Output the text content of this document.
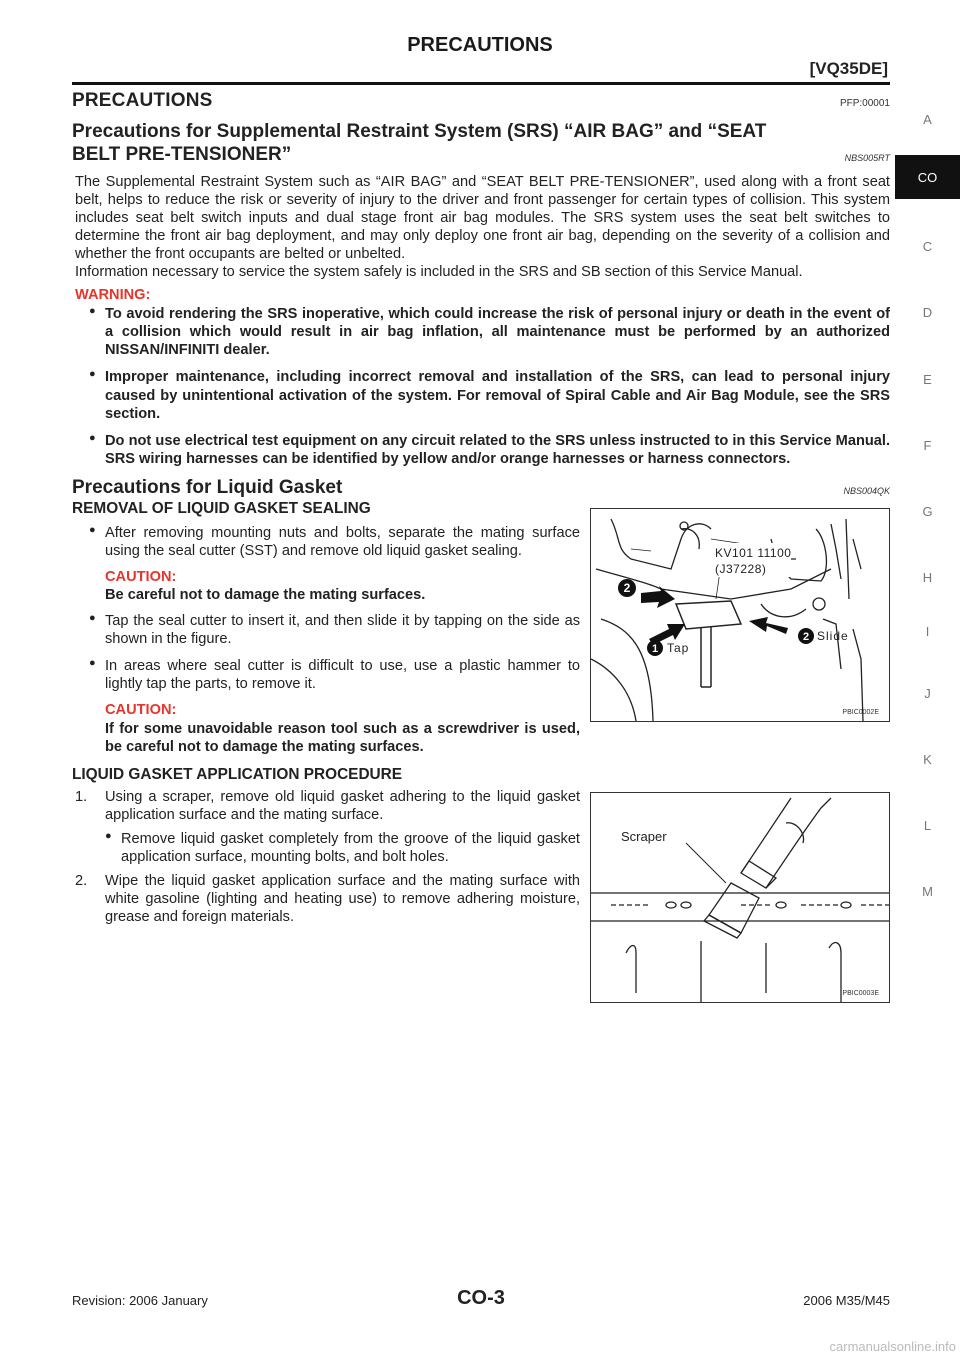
PRECAUTIONS
[VQ35DE]
A
CO
C
D
E
F
G
H
I
J
K
L
M
PRECAUTIONS	PFP:00001
Precautions for Supplemental Restraint System (SRS) “AIR BAG” and “SEAT
BELT PRE-TENSIONER”	NBS005RT

The Supplemental Restraint System such as “AIR BAG” and “SEAT BELT PRE-TENSIONER”, used along with a front seat belt, helps to reduce the risk or severity of injury to the driver and front passenger for certain types of collision. This system includes seat belt switch inputs and dual stage front air bag modules. The SRS system uses the seat belt switches to determine the front air bag deployment, and may only deploy one front air bag, depending on the severity of a collision and whether the front occupants are belted or unbelted.

Information necessary to service the system safely is included in the SRS and SB section of this Service Manual.

WARNING:
● To avoid rendering the SRS inoperative, which could increase the risk of personal injury or death in the event of a collision which would result in air bag inflation, all maintenance must be performed by an authorized NISSAN/INFINITI dealer.
● Improper maintenance, including incorrect removal and installation of the SRS, can lead to personal injury caused by unintentional activation of the system. For removal of Spiral Cable and Air Bag Module, see the SRS section.
● Do not use electrical test equipment on any circuit related to the SRS unless instructed to in this Service Manual. SRS wiring harnesses can be identified by yellow and/or orange harnesses or harness connectors.
Precautions for Liquid Gasket	NBS004QK
REMOVAL OF LIQUID GASKET SEALING
● After removing mounting nuts and bolts, separate the mating surface using the seal cutter (SST) and remove old liquid gasket sealing.
CAUTION:
Be careful not to damage the mating surfaces.
● Tap the seal cutter to insert it, and then slide it by tapping on the side as shown in the figure.
● In areas where seal cutter is difficult to use, use a plastic hammer to lightly tap the parts, to remove it.
CAUTION:
If for some unavoidable reason tool such as a screwdriver is used, be careful not to damage the mating surfaces.
2
1
2
Tap
Slide
KV101 11100
(J37228)
PBIC0002E
LIQUID GASKET APPLICATION PROCEDURE
1. Using a scraper, remove old liquid gasket adhering to the liquid gasket application surface and the mating surface.
● Remove liquid gasket completely from the groove of the liquid gasket application surface, mounting bolts, and bolt holes.
2. Wipe the liquid gasket application surface and the mating surface with white gasoline (lighting and heating use) to remove adhering moisture, grease and foreign materials.
Scraper
PBIC0003E
Revision: 2006 January	CO-3	2006 M35/M45
carmanualsonline.info
